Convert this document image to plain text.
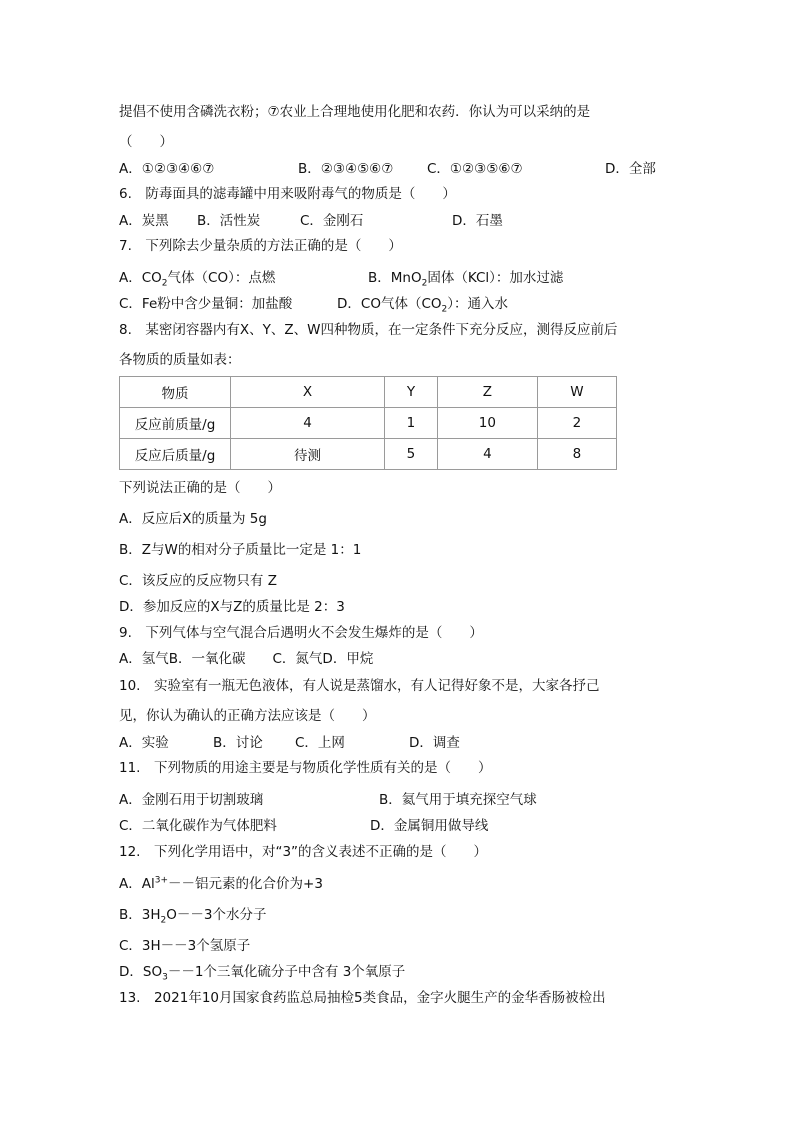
提倡不使用含磷洗衣粉；⑦农业上合理地使用化肥和农药．你认为可以采纳的是
（　　）
A．①②③④⑥⑦	B．②③④⑤⑥⑦ C．①②③⑤⑥⑦	D．全部
6.　防毒面具的滤毒罐中用来吸附毒气的物质是（　　）
A．炭黑 B．活性炭	C．金刚石	D．石墨
7.　下列除去少量杂质的方法正确的是（　　）
A．$CO_2$气体（CO）：点燃	B．MnO$_2$固体（KCl）：加水过滤
C．Fe粉中含少量铜：加盐酸	D．CO气体$(CO_2)$：通入水
8.　某密闭容器内有X、Y、Z、W四种物质，在一定条件下充分反应，测得反应前后
各物质的质量如表：
物质	X	Y	Z	W
反应前质量/g	4	1	10	2
反应后质量/g	待测	5	4	8
下列说法正确的是（　　）
A．反应后X的质量为 5g
B．Z与W的相对分子质量比一定是 1：1
C．该反应的反应物只有 Z
D．参加反应的X与Z的质量比是 2：3
9.　下列气体与空气混合后遇明火不会发生爆炸的是（　　）
A．氢气B．一氧化碳　　C．氮气D．甲烷
10.　实验室有一瓶无色液体，有人说是蒸馏水，有人记得好象不是，大家各抒己
见，你认为确认的正确方法应该是（　　）
A．实验	B．讨论 C．上网	D．调查
11.　下列物质的用途主要是与物质化学性质有关的是（　　）
A．金刚石用于切割玻璃	B．氦气用于填充探空气球
C．二氧化碳作为气体肥料	D．金属铜用做导线
12.　下列化学用语中，对“3”的含义表述不正确的是（　　）
A．$Al^{3+}--$铝元素的化合价为+3
B．$3H_2O--3$个水分子
C．3H－－3个氢原子
D．$SO_3--1$个三氧化硫分子中含有 3个氧原子
13.　2021年10月国家食药监总局抽检5类食品，金字火腿生产的金华香肠被检出
